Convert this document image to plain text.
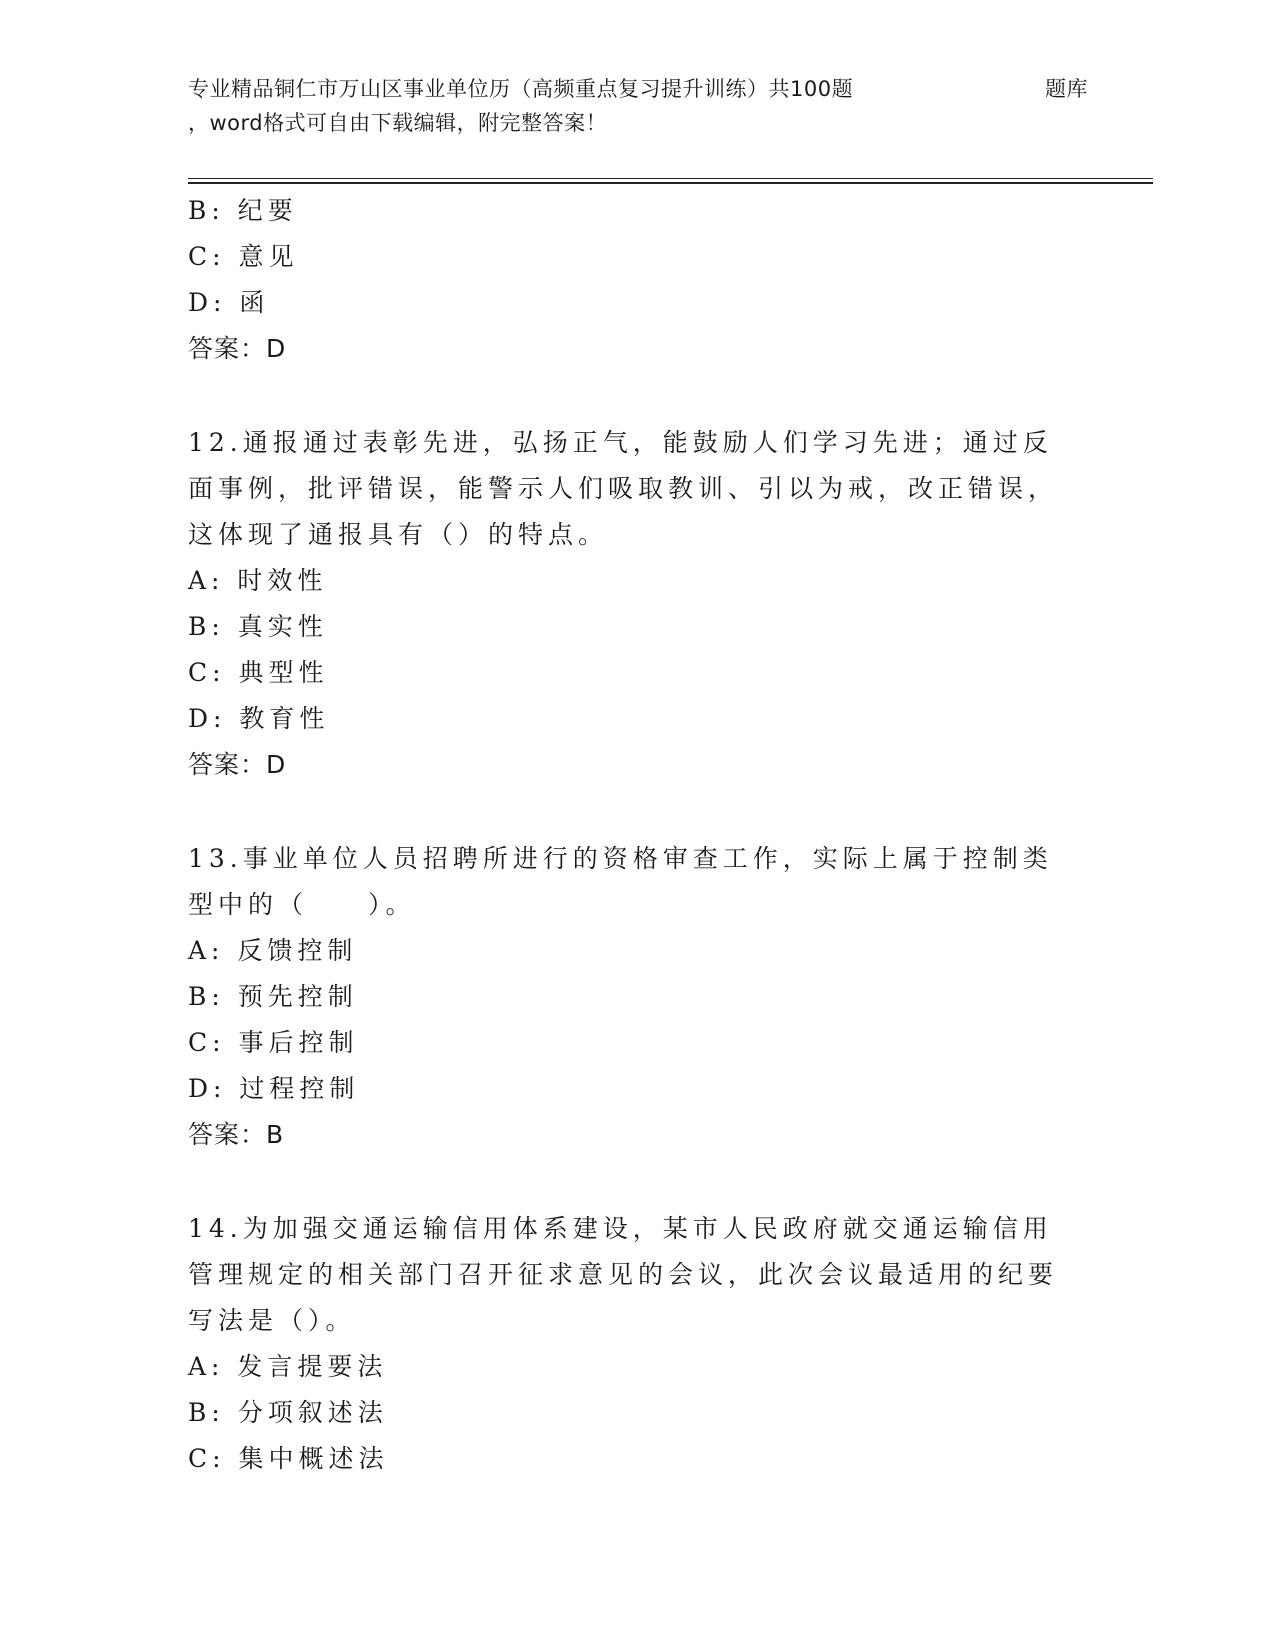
专业精品铜仁市万山区事业单位历（高频重点复习提升训练）共100题	题库
，word格式可自由下载编辑，附完整答案！
B: 纪要
C: 意见
D: 函
答案：D
12.通报通过表彰先进，弘扬正气，能鼓励人们学习先进；通过反面事例，批评错误，能警示人们吸取教训、引以为戒，改正错误，这体现了通报具有（）的特点。
A: 时效性
B: 真实性
C: 典型性
D: 教育性
答案：D
13.事业单位人员招聘所进行的资格审查工作，实际上属于控制类型中的（　　）。
A: 反馈控制
B: 预先控制
C: 事后控制
D: 过程控制
答案：B
14.为加强交通运输信用体系建设，某市人民政府就交通运输信用管理规定的相关部门召开征求意见的会议，此次会议最适用的纪要写法是（）。
A: 发言提要法
B: 分项叙述法
C: 集中概述法
